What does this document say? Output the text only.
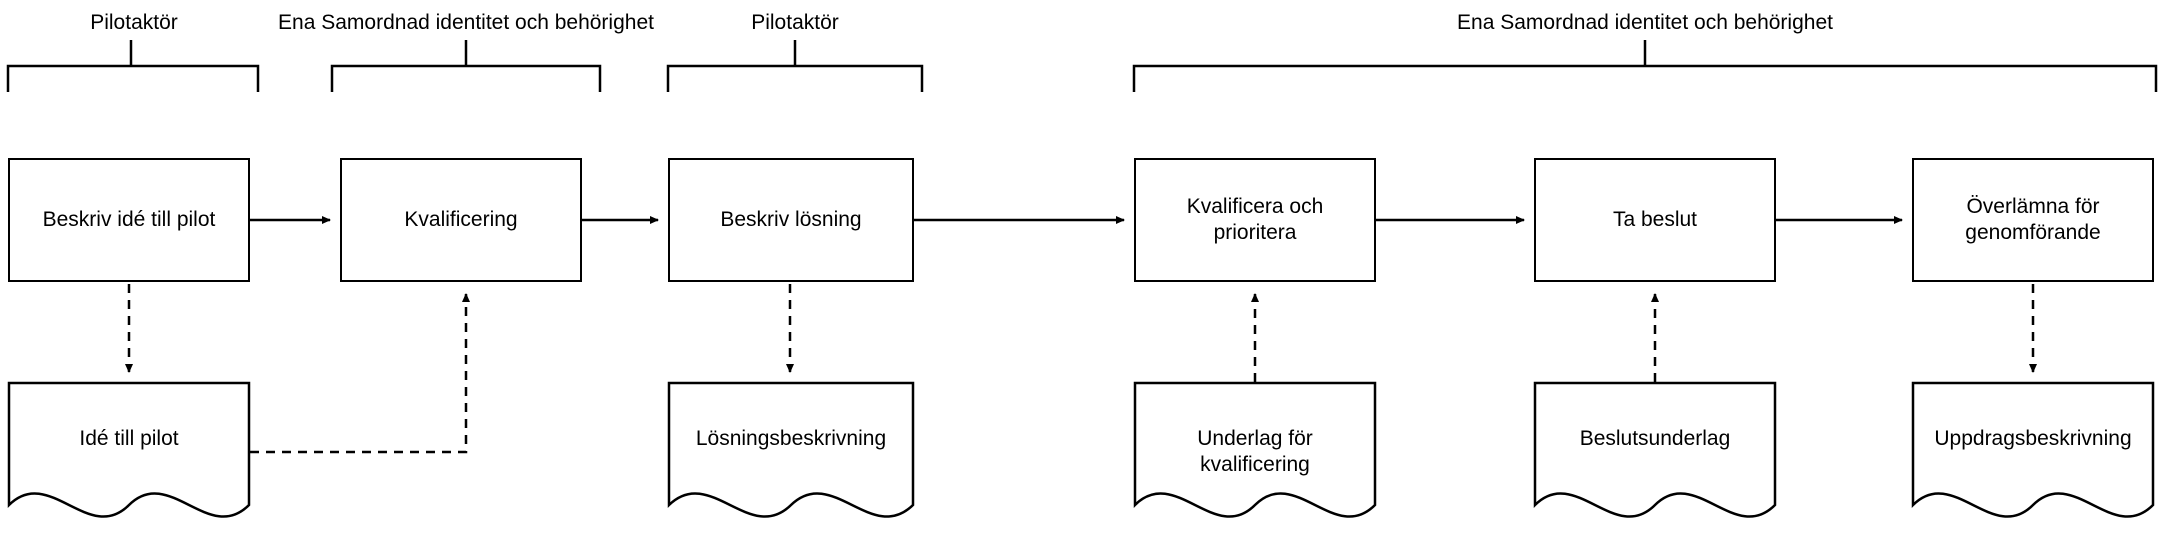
Pilotaktör	Ena Samordnad identitet och behörighet	Pilotaktör	Ena Samordnad identitet och behörighet
Beskriv idé till pilot	Kvalificering	Beskriv lösning
Kvalificera och prioritera
Ta beslut
Överlämna för genomförande
Idé till pilot	Lösningsbeskrivning	Underlag för kvalificering
Beslutsunderlag	Uppdragsbeskrivning
